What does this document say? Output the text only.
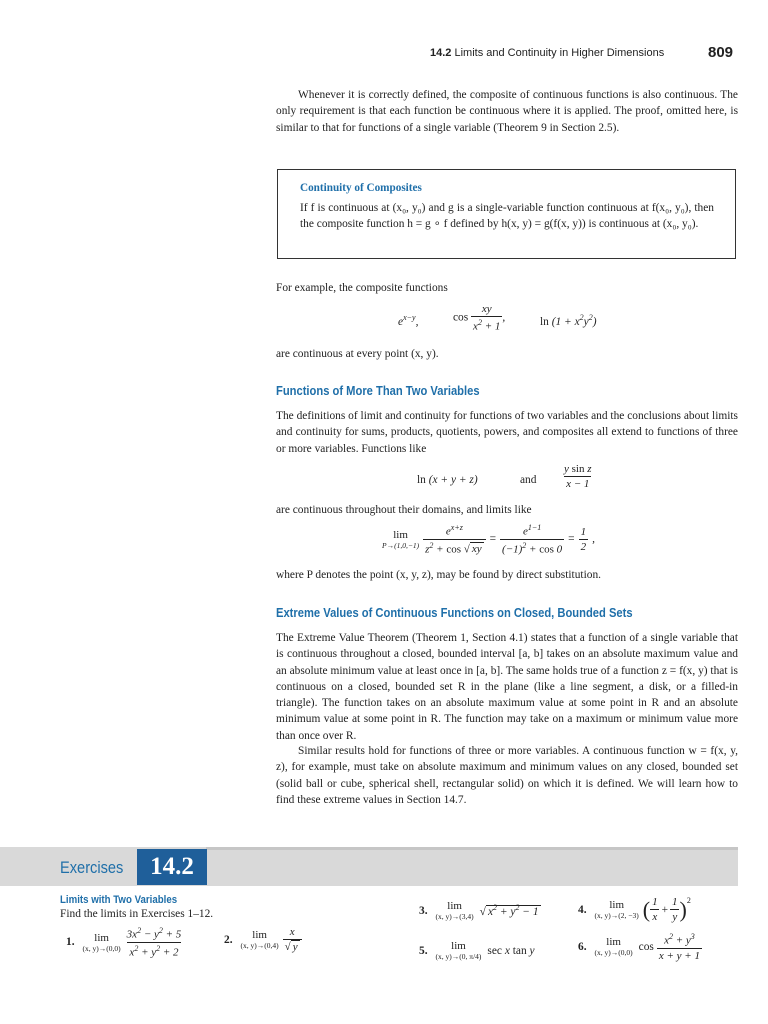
14.2 Limits and Continuity in Higher Dimensions	809
Whenever it is correctly defined, the composite of continuous functions is also continuous. The only requirement is that each function be continuous where it is applied. The proof, omitted here, is similar to that for functions of a single variable (Theorem 9 in Section 2.5).
Continuity of Composites
If f is continuous at (x₀, y₀) and g is a single-variable function continuous at f(x₀, y₀), then the composite function h = g ∘ f defined by h(x, y) = g(f(x, y)) is continuous at (x₀, y₀).
For example, the composite functions
$e^{x-y}$,	$\cos \frac{xy}{x^2 + 1}$ ,	$\ln (1 + x^2y^2)$
are continuous at every point (x, y).
Functions of More Than Two Variables
The definitions of limit and continuity for functions of two variables and the conclusions about limits and continuity for sums, products, quotients, powers, and composites all extend to functions of three or more variables. Functions like
ln (x + y + z)	and $\frac{\text{y sin z}}{x - 1}$
are continuous throughout their domains, and limits like
lim
$P\to(1,0,-1) \frac{e^{x+z}}{z^2 + \cos √ xy} = \frac{e^{1-1}}{(-1)^2 + \cos 0} = \frac{1}{2}$ ,
where P denotes the point (x, y, z), may be found by direct substitution.
Extreme Values of Continuous Functions on Closed, Bounded Sets
The Extreme Value Theorem (Theorem 1, Section 4.1) states that a function of a single variable that is continuous throughout a closed, bounded interval [a, b] takes on an absolute maximum value and an absolute minimum value at least once in [a, b]. The same holds true of a function z = f(x, y) that is continuous on a closed, bounded set R in the plane (like a line segment, a disk, or a filled-in triangle). The function takes on an absolute maximum value at some point in R and an absolute minimum value at some point in R. The function may take on a maximum or minimum value more than once over R.
Similar results hold for functions of three or more variables. A continuous function w = f(x, y, z), for example, must take on absolute maximum and minimum values on any closed, bounded set (solid ball or cube, spherical shell, rectangular solid) on which it is defined. We will learn how to find these extreme values in Section 14.7.
Exercises	14.2
Limits with Two Variables
Find the limits in Exercises 1–12.
1. lim
(x, $y)\to(0,0) \frac{3x^2 - y^2 + 5}{x^2 + y^2 + 2}$	2. lim
(x, $y)\to(0,4) \frac{x}{√ y}$
3. lim
(x, y)→(3,4) √ $x^2 + y^2 - 1$	4. lim
(x, y)→(2, −3) ( $\frac{1}{x} + \frac{1}{y} )^2$
5. lim
(x, y)→(0, π/4) sec x tan y	6. lim
(x, y)→(0,0) $\cos \frac{x^2 + y^3}{x + y + 1}$
